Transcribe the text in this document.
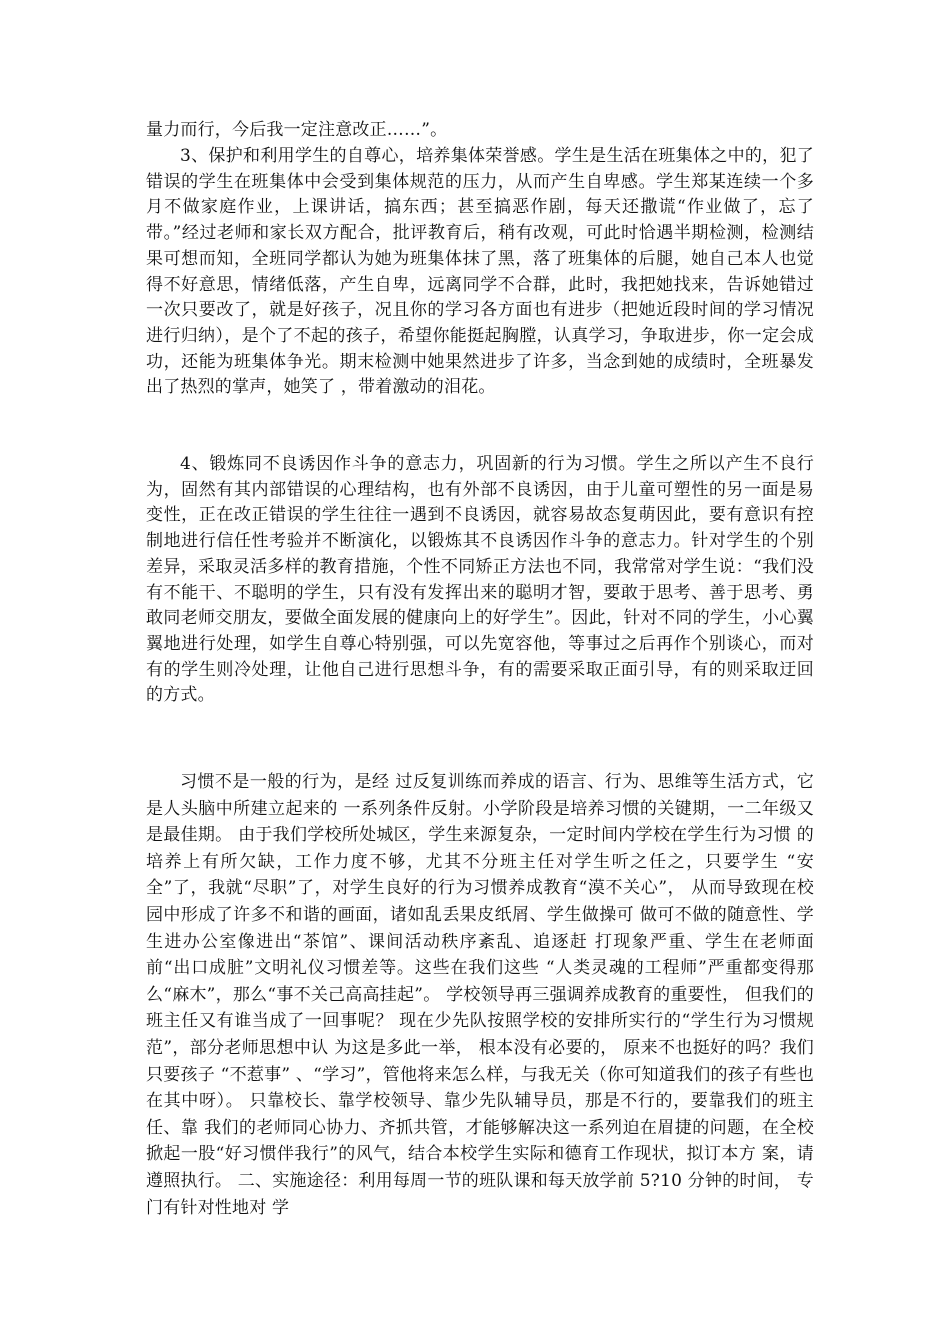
量力而行，今后我一定注意改正……”。

3、保护和利用学生的自尊心，培养集体荣誉感。学生是生活在班集体之中的，犯了错误的学生在班集体中会受到集体规范的压力，从而产生自卑感。学生郑某连续一个多月不做家庭作业，上课讲话，搞东西；甚至搞恶作剧，每天还撒谎“作业做了，忘了带。”经过老师和家长双方配合，批评教育后，稍有改观，可此时恰遇半期检测，检测结果可想而知，全班同学都认为她为班集体抹了黑，落了班集体的后腿，她自己本人也觉得不好意思，情绪低落，产生自卑，远离同学不合群，此时，我把她找来，告诉她错过一次只要改了，就是好孩子，况且你的学习各方面也有进步（把她近段时间的学习情况进行归纳），是个了不起的孩子，希望你能挺起胸膛，认真学习，争取进步，你一定会成功，还能为班集体争光。期末检测中她果然进步了许多，当念到她的成绩时，全班暴发出了热烈的掌声，她笑了 ，带着激动的泪花。

4、锻炼同不良诱因作斗争的意志力，巩固新的行为习惯。学生之所以产生不良行为，固然有其内部错误的心理结构，也有外部不良诱因，由于儿童可塑性的另一面是易变性，正在改正错误的学生往往一遇到不良诱因，就容易故态复萌因此，要有意识有控制地进行信任性考验并不断演化，以锻炼其不良诱因作斗争的意志力。针对学生的个别差异，采取灵活多样的教育措施，个性不同矫正方法也不同，我常常对学生说：“我们没有不能干、不聪明的学生，只有没有发挥出来的聪明才智，要敢于思考、善于思考、勇敢同老师交朋友，要做全面发展的健康向上的好学生”。因此，针对不同的学生，小心翼翼地进行处理，如学生自尊心特别强，可以先宽容他，等事过之后再作个别谈心，而对有的学生则冷处理，让他自己进行思想斗争，有的需要采取正面引导，有的则采取迂回的方式。

习惯不是一般的行为，是经 过反复训练而养成的语言、行为、思维等生活方式，它是人头脑中所建立起来的 一系列条件反射。小学阶段是培养习惯的关键期，一二年级又是最佳期。 由于我们学校所处城区，学生来源复杂，一定时间内学校在学生行为习惯 的培养上有所欠缺，工作力度不够，尤其不分班主任对学生听之任之，只要学生 “安全”了，我就“尽职”了，对学生良好的行为习惯养成教育“漠不关心”， 从而导致现在校园中形成了许多不和谐的画面，诸如乱丢果皮纸屑、学生做操可 做可不做的随意性、学生进办公室像进出“茶馆”、课间活动秩序紊乱、追逐赶 打现象严重、学生在老师面前“出口成脏”文明礼仪习惯差等。这些在我们这些 “人类灵魂的工程师”严重都变得那么“麻木”，那么“事不关己高高挂起”。 学校领导再三强调养成教育的重要性， 但我们的班主任又有谁当成了一回事呢？ 现在少先队按照学校的安排所实行的“学生行为习惯规范”，部分老师思想中认 为这是多此一举， 根本没有必要的， 原来不也挺好的吗？我们只要孩子 “不惹事” 、“学习”，管他将来怎么样，与我无关（你可知道我们的孩子有些也在其中呀）。 只靠校长、靠学校领导、靠少先队辅导员，那是不行的，要靠我们的班主任、靠 我们的老师同心协力、齐抓共管，才能够解决这一系列迫在眉捷的问题，在全校 掀起一股“好习惯伴我行”的风气，结合本校学生实际和德育工作现状，拟订本方 案，请遵照执行。 二、实施途径：利用每周一节的班队课和每天放学前 5?10 分钟的时间， 专门有针对性地对 学
